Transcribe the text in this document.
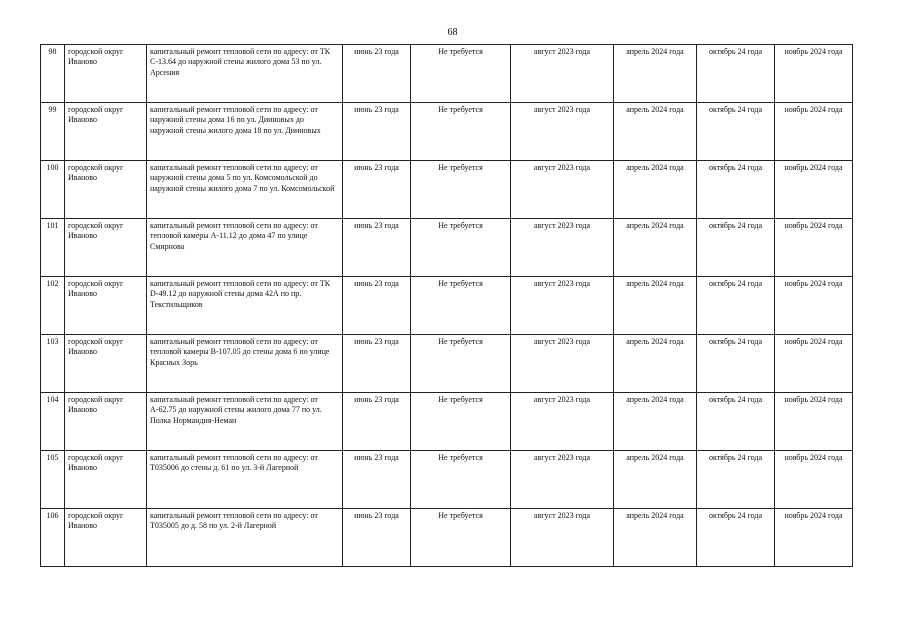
68
98	городской округ Иваново	капитальный ремонт тепловой сети по адресу: от ТК С-13.64 до наружной стены жилого дома 53 по ул. Арсения	июнь 23 года	Не требуется	август 2023 года	апрель 2024 года	октябрь 24 года	ноябрь 2024 года
99	городской округ Иваново	капитальный ремонт тепловой сети по адресу: от наружной стены дома 16 по ул. Дииновых до наружной стены жилого дома 18 по ул. Дииновых	июнь 23 года	Не требуется	август 2023 года	апрель 2024 года	октябрь 24 года	ноябрь 2024 года
100	городской округ Иваново	капитальный ремонт тепловой сети по адресу: от наружной стены дома 5 по ул. Комсомольской до наружной стены жилого дома 7 по ул. Комсомольской	июнь 23 года	Не требуется	август 2023 года	апрель 2024 года	октябрь 24 года	ноябрь 2024 года
101	городской округ Иваново	капитальный ремонт тепловой сети по адресу: от тепловой камеры А-11.12 до дома 47 по улице Смирнова	июнь 23 года	Не требуется	август 2023 года	апрель 2024 года	октябрь 24 года	ноябрь 2024 года
102	городской округ Иваново	капитальный ремонт тепловой сети по адресу: от ТК D-49.12 до наружной стены дома 42А по пр. Текстильщиков	июнь 23 года	Не требуется	август 2023 года	апрель 2024 года	октябрь 24 года	ноябрь 2024 года
103	городской округ Иваново	капитальный ремонт тепловой сети по адресу: от тепловой камеры В-107.05 до стены дома 6 по улице Красных Зорь	июнь 23 года	Не требуется	август 2023 года	апрель 2024 года	октябрь 24 года	ноябрь 2024 года
104	городской округ Иваново	капитальный ремонт тепловой сети по адресу: от А-62.75 до наружной стены жилого дома 77 по ул. Полка Нормандия-Неман	июнь 23 года	Не требуется	август 2023 года	апрель 2024 года	октябрь 24 года	ноябрь 2024 года
105	городской округ Иваново	капитальный ремонт тепловой сети по адресу: от Т035006 до стены д. 61 по ул. 3-й Лагерной	июнь 23 года	Не требуется	август 2023 года	апрель 2024 года	октябрь 24 года	ноябрь 2024 года
106	городской округ Иваново	капитальный ремонт тепловой сети по адресу: от Т035005 до д. 58 по ул. 2-й Лагерной	июнь 23 года	Не требуется	август 2023 года	апрель 2024 года	октябрь 24 года	ноябрь 2024 года
